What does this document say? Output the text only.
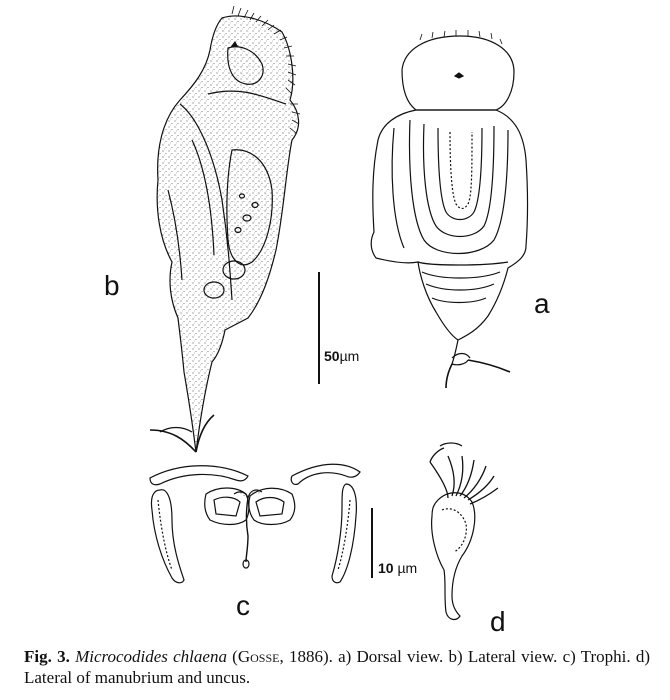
b
a
c
d
50µm
10 µm
Fig. 3. Microcodides chlaena (Gosse, 1886). a) Dorsal view. b) Lateral view. c) Trophi. d) Lateral of manubrium and uncus.
